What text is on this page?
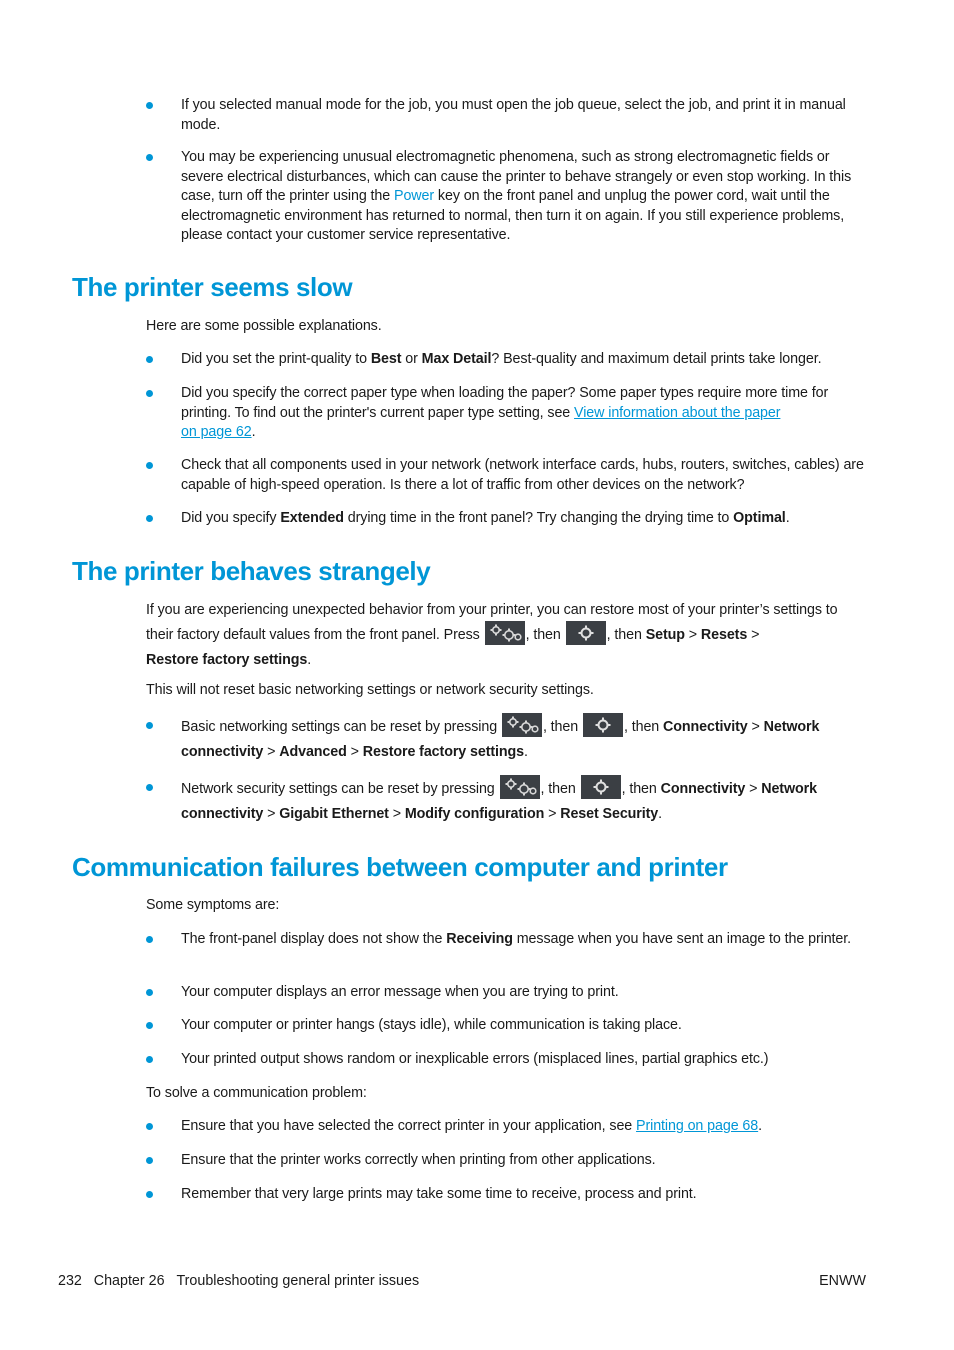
If you selected manual mode for the job, you must open the job queue, select the job, and print it in manual mode.
You may be experiencing unusual electromagnetic phenomena, such as strong electromagnetic fields or severe electrical disturbances, which can cause the printer to behave strangely or even stop working. In this case, turn off the printer using the Power key on the front panel and unplug the power cord, wait until the electromagnetic environment has returned to normal, then turn it on again. If you still experience problems, please contact your customer service representative.
The printer seems slow
Here are some possible explanations.
Did you set the print-quality to Best or Max Detail? Best-quality and maximum detail prints take longer.
Did you specify the correct paper type when loading the paper? Some paper types require more time for printing. To find out the printer's current paper type setting, see View information about the paper
on page 62.
Check that all components used in your network (network interface cards, hubs, routers, switches, cables) are capable of high-speed operation. Is there a lot of traffic from other devices on the network?
Did you specify Extended drying time in the front panel? Try changing the drying time to Optimal.
The printer behaves strangely
If you are experiencing unexpected behavior from your printer, you can restore most of your printer’s settings to their factory default values from the front panel. Press	, then	, then Setup > Resets >
Restore factory settings.
This will not reset basic networking settings or network security settings.
Basic networking settings can be reset by pressing	, then	, then Connectivity > Network connectivity > Advanced > Restore factory settings.
Network security settings can be reset by pressing	, then	, then Connectivity > Network connectivity > Gigabit Ethernet > Modify configuration > Reset Security.
Communication failures between computer and printer
Some symptoms are:
The front-panel display does not show the Receiving message when you have sent an image to the printer.
Your computer displays an error message when you are trying to print.
Your computer or printer hangs (stays idle), while communication is taking place.
Your printed output shows random or inexplicable errors (misplaced lines, partial graphics etc.)
To solve a communication problem:
Ensure that you have selected the correct printer in your application, see Printing on page 68.
Ensure that the printer works correctly when printing from other applications.
Remember that very large prints may take some time to receive, process and print.
232 Chapter 26 Troubleshooting general printer issues	ENWW
